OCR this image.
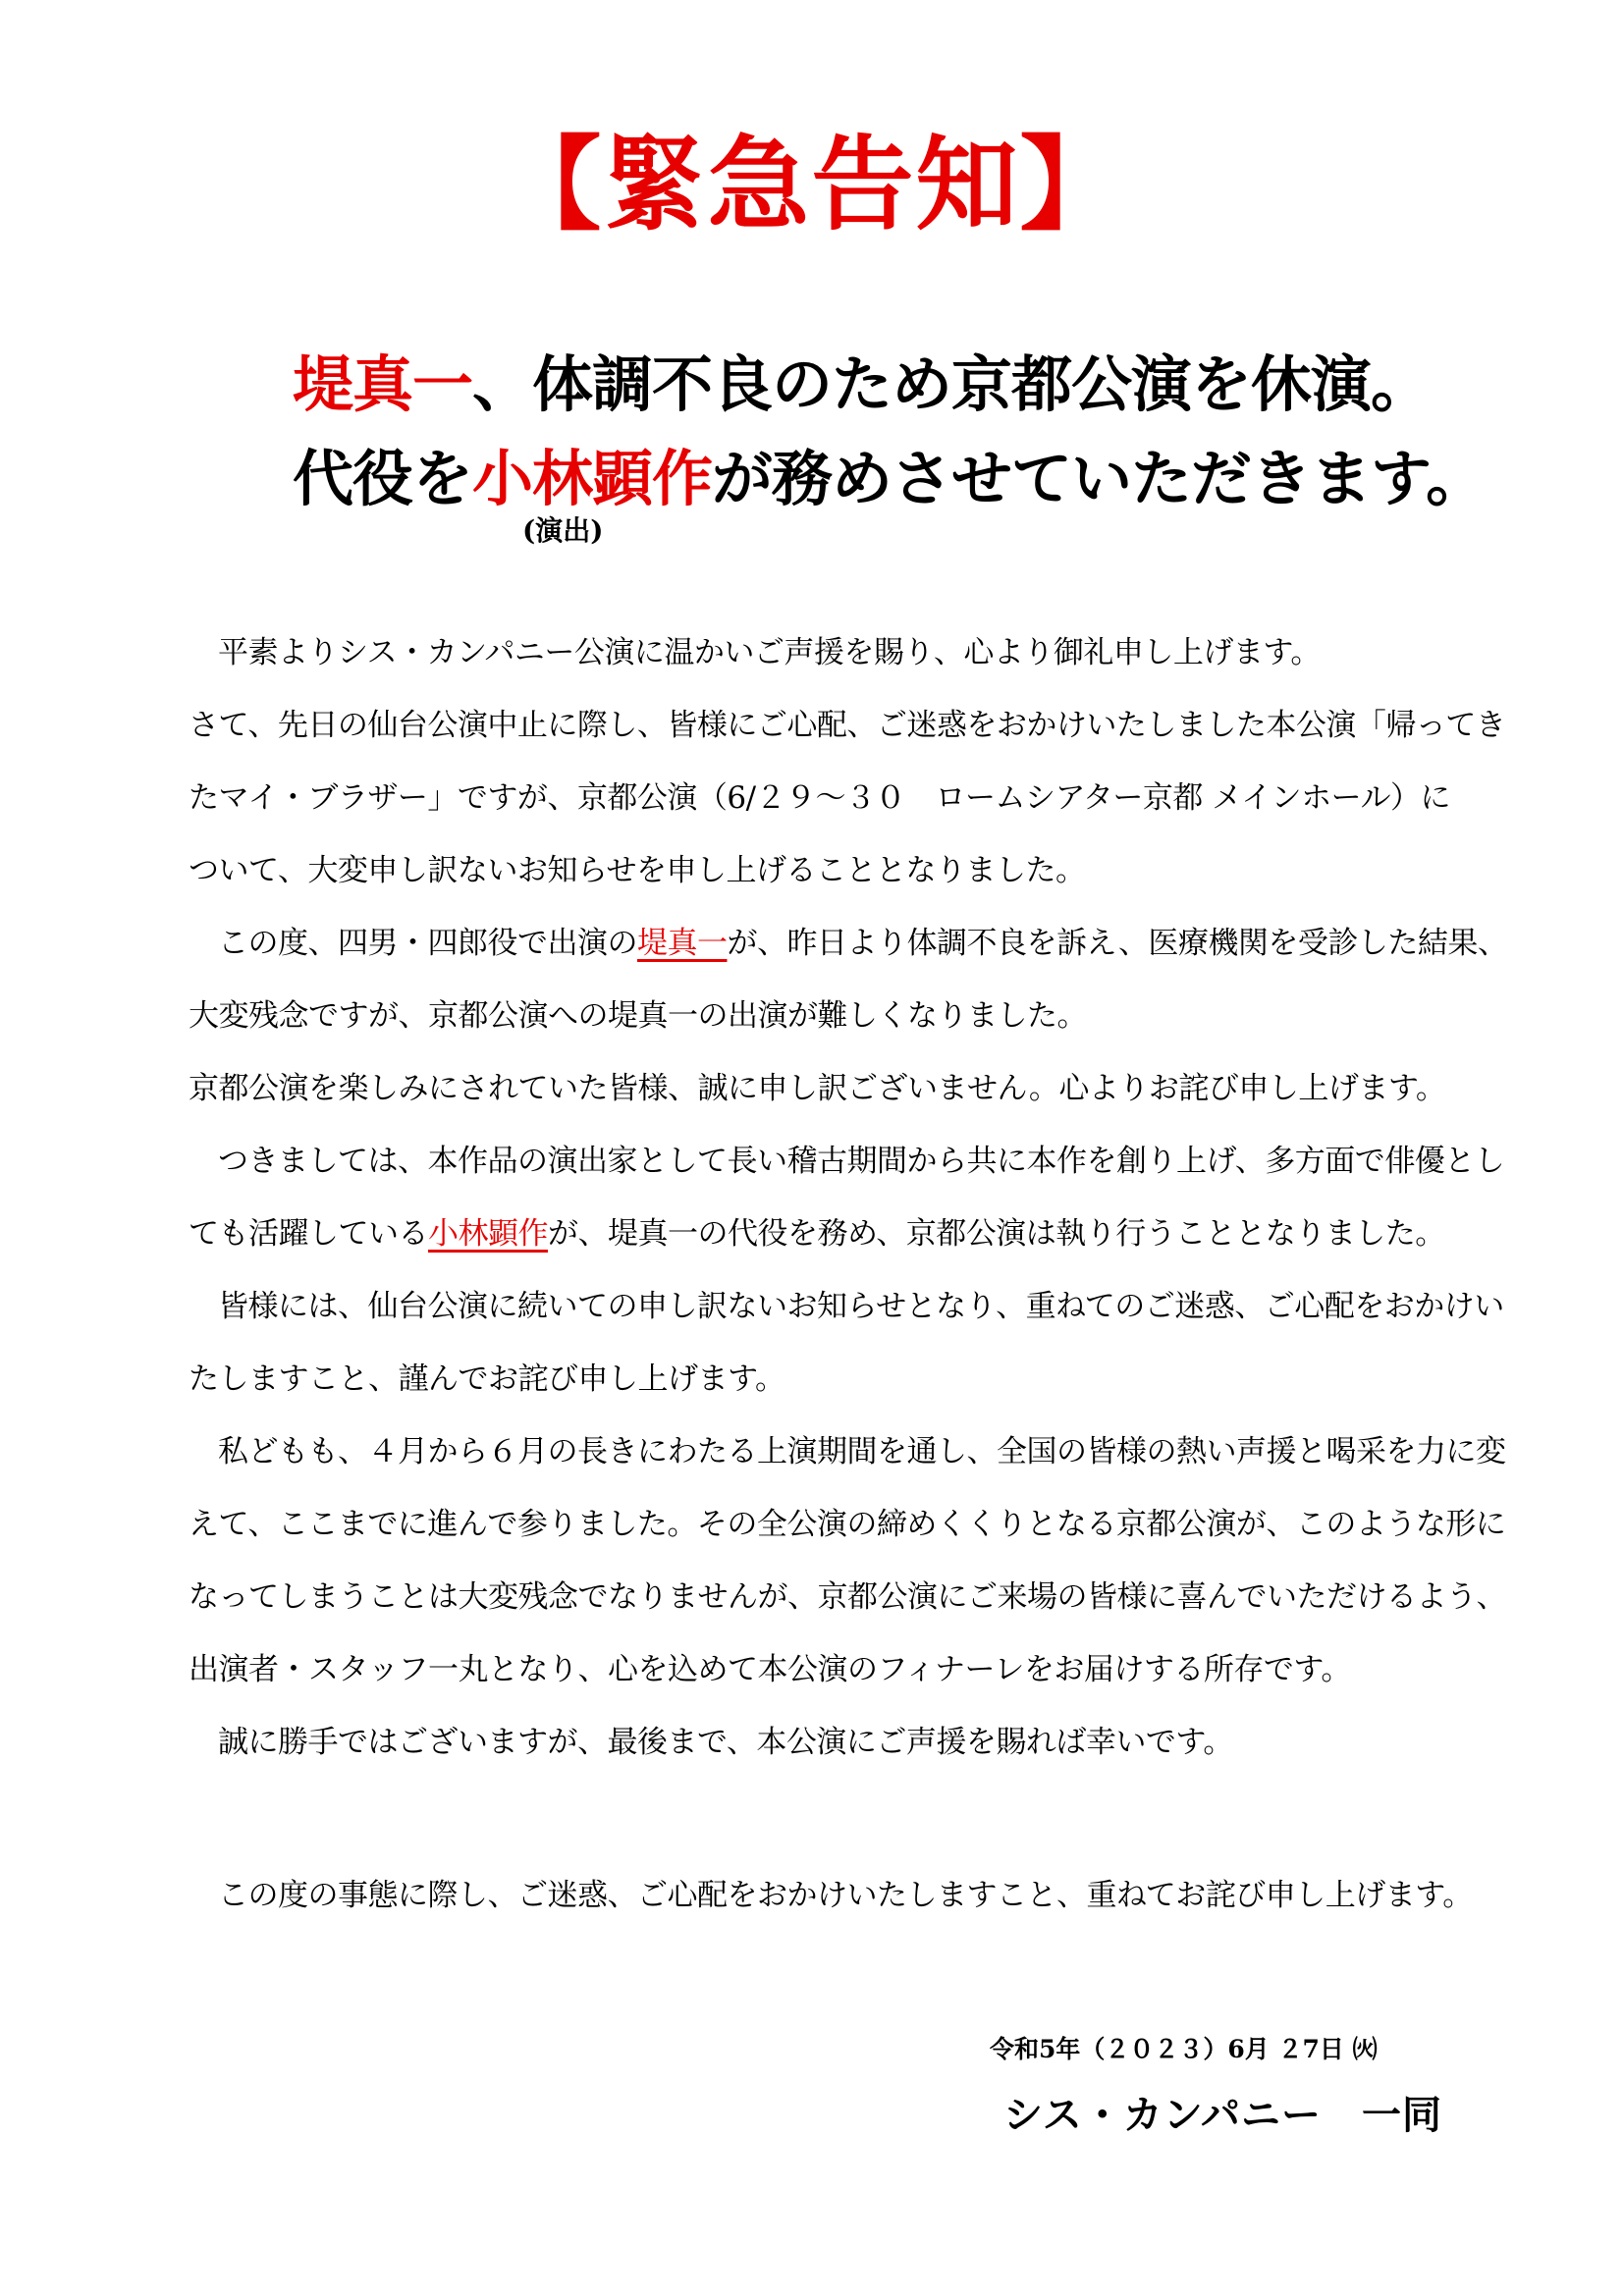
【緊急告知】
堤真一、体調不良のため京都公演を休演。
代役を小林顕作が務めさせていただきます。
(演出)
平素よりシス・カンパニー公演に温かいご声援を賜り、心より御礼申し上げます。
さて、先日の仙台公演中止に際し、皆様にご心配、ご迷惑をおかけいたしました本公演「帰ってき
たマイ・ブラザー」ですが、京都公演（6/２９～３０　ロームシアター京都 メインホール）に
ついて、大変申し訳ないお知らせを申し上げることとなりました。
この度、四男・四郎役で出演の堤真一が、昨日より体調不良を訴え、医療機関を受診した結果、
大変残念ですが、京都公演への堤真一の出演が難しくなりました。
京都公演を楽しみにされていた皆様、誠に申し訳ございません。心よりお詫び申し上げます。
つきましては、本作品の演出家として長い稽古期間から共に本作を創り上げ、多方面で俳優とし
ても活躍している小林顕作が、堤真一の代役を務め、京都公演は執り行うこととなりました。
皆様には、仙台公演に続いての申し訳ないお知らせとなり、重ねてのご迷惑、ご心配をおかけい
たしますこと、謹んでお詫び申し上げます。
私どもも、４月から６月の長きにわたる上演期間を通し、全国の皆様の熱い声援と喝采を力に変
えて、ここまでに進んで参りました。その全公演の締めくくりとなる京都公演が、このような形に
なってしまうことは大変残念でなりませんが、京都公演にご来場の皆様に喜んでいただけるよう、
出演者・スタッフ一丸となり、心を込めて本公演のフィナーレをお届けする所存です。
誠に勝手ではございますが、最後まで、本公演にご声援を賜れば幸いです。
この度の事態に際し、ご迷惑、ご心配をおかけいたしますこと、重ねてお詫び申し上げます。
令和5年（２０２３）6月 ２7日 ㈫
シス・カンパニー　一同
